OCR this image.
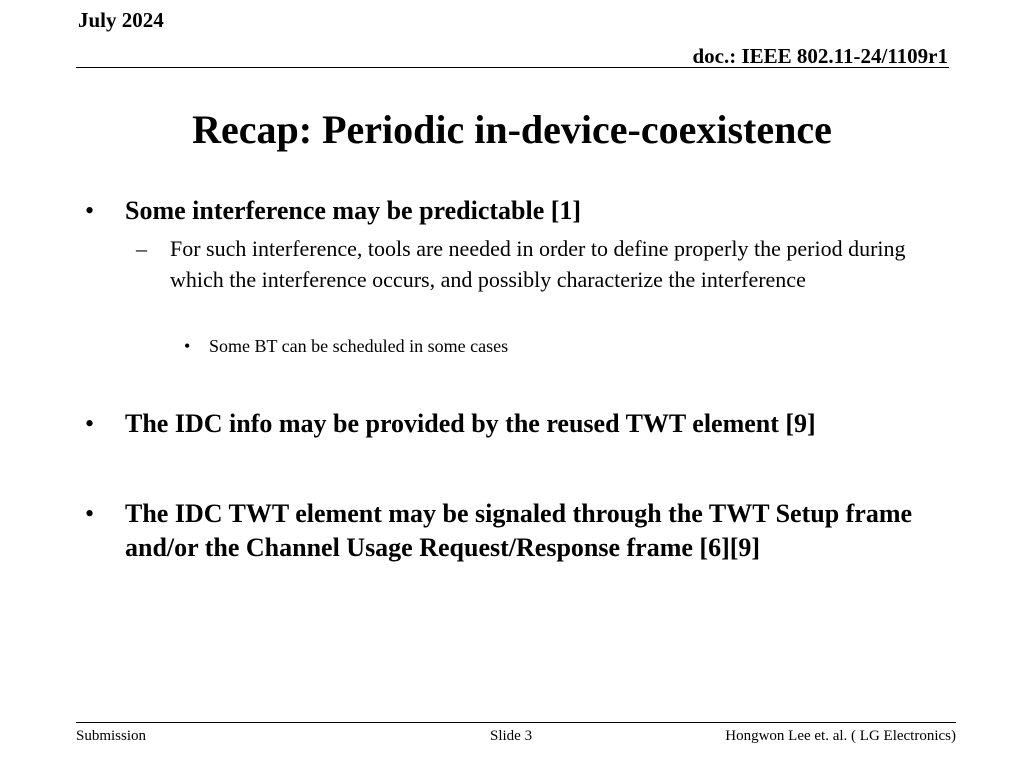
July 2024
doc.: IEEE 802.11-24/1109r1
Recap: Periodic in-device-coexistence
• Some interference may be predictable [1]
– For such interference, tools are needed in order to define properly the period during which the interference occurs, and possibly characterize the interference
• Some BT can be scheduled in some cases
• The IDC info may be provided by the reused TWT element [9]
• The IDC TWT element may be signaled through the TWT Setup frame and/or the Channel Usage Request/Response frame [6][9]
Submission	Slide 3	Hongwon Lee et. al. ( LG Electronics)
